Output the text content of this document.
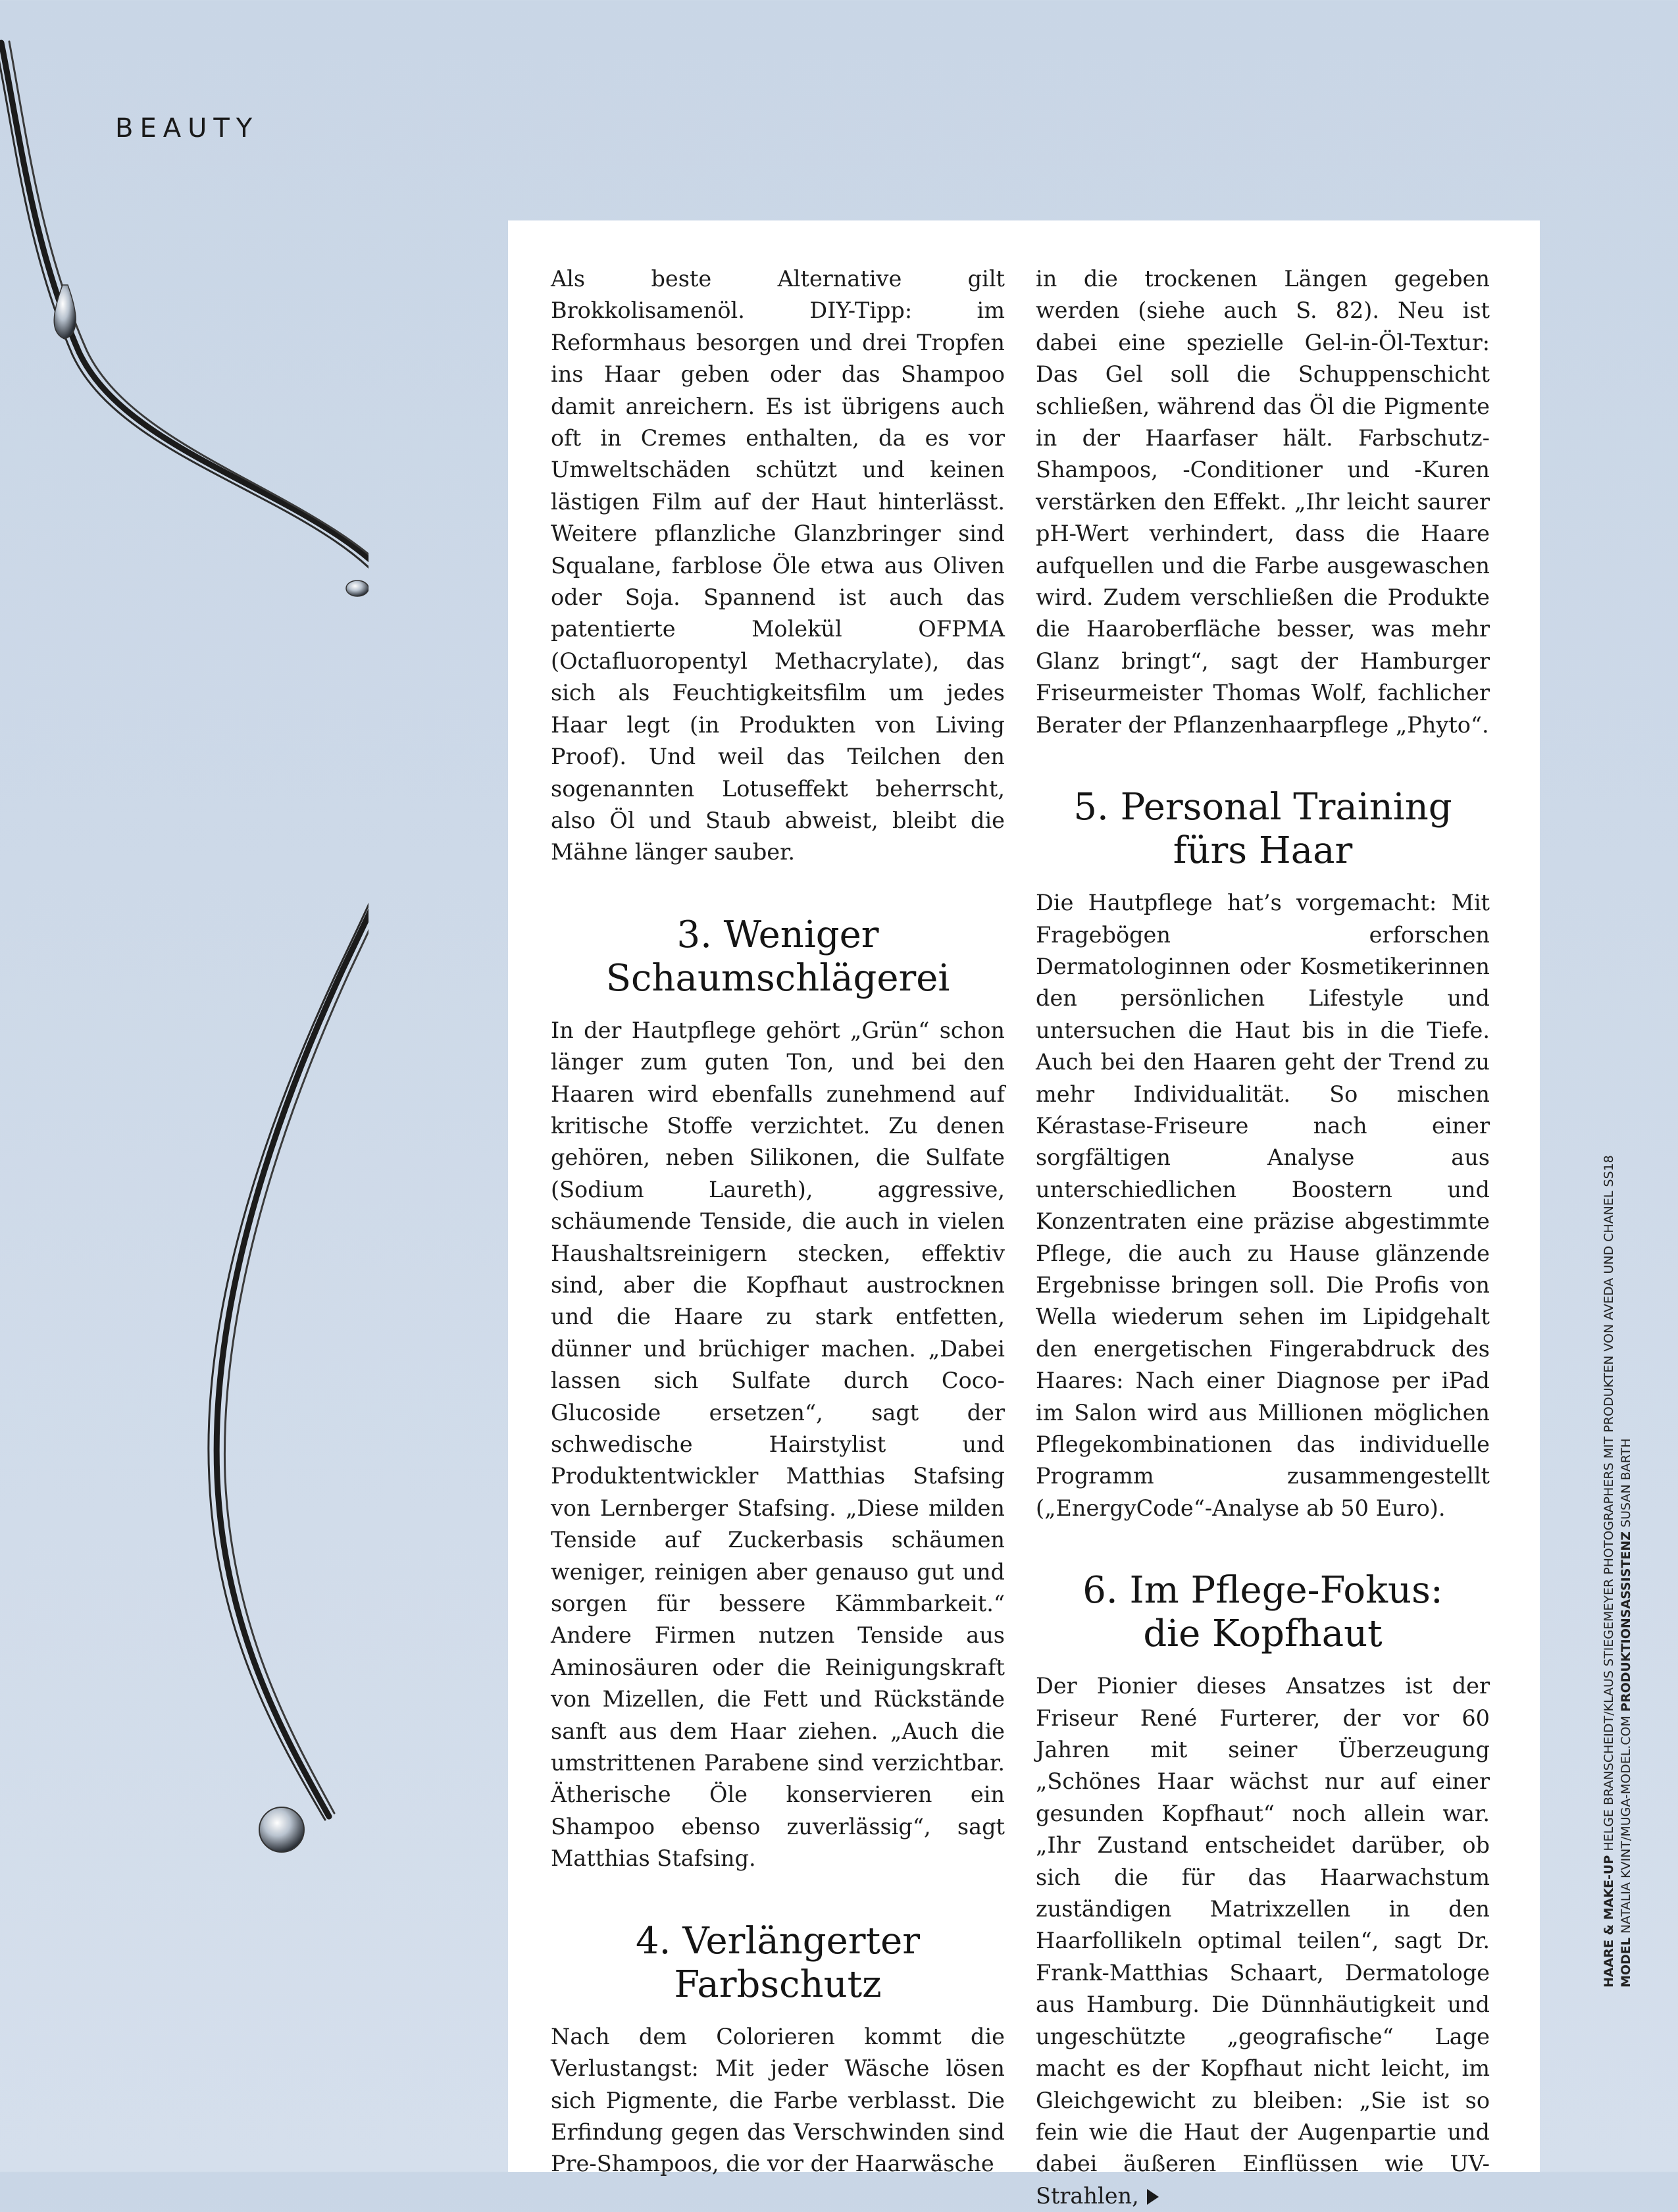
BEAUTY

Als beste Alternative gilt Brokkolisamenöl. DIY-Tipp: im Reformhaus besorgen und drei Tropfen ins Haar geben oder das Shampoo damit anreichern. Es ist übrigens auch oft in Cremes enthalten, da es vor Umweltschäden schützt und keinen lästigen Film auf der Haut hinterlässt. Weitere pflanzliche Glanzbringer sind Squalane, farblose Öle etwa aus Oliven oder Soja. Spannend ist auch das patentierte Molekül OFPMA (Octafluoropentyl Methacrylate), das sich als Feuchtigkeitsfilm um jedes Haar legt (in Produkten von Living Proof). Und weil das Teilchen den sogenannten Lotuseffekt beherrscht, also Öl und Staub abweist, bleibt die Mähne länger sauber.

3. Weniger
Schaumschlägerei

In der Hautpflege gehört „Grün“ schon länger zum guten Ton, und bei den Haaren wird ebenfalls zunehmend auf kritische Stoffe verzichtet. Zu denen gehören, neben Silikonen, die Sulfate (Sodium Laureth), aggressive, schäumende Tenside, die auch in vielen Haushaltsreinigern stecken, effektiv sind, aber die Kopfhaut austrocknen und die Haare zu stark entfetten, dünner und brüchiger machen. „Dabei lassen sich Sulfate durch Coco-Glucoside ersetzen“, sagt der schwedische Hairstylist und Produktentwickler Matthias Stafsing von Lernberger Stafsing. „Diese milden Tenside auf Zuckerbasis schäumen weniger, reinigen aber genauso gut und sorgen für bessere Kämmbarkeit.“ Andere Firmen nutzen Tenside aus Aminosäuren oder die Reinigungskraft von Mizellen, die Fett und Rückstände sanft aus dem Haar ziehen. „Auch die umstrittenen Parabene sind verzichtbar. Ätherische Öle konservieren ein Shampoo ebenso zuverlässig“, sagt Matthias Stafsing.

4. Verlängerter
Farbschutz

Nach dem Colorieren kommt die Verlustangst: Mit jeder Wäsche lösen sich Pigmente, die Farbe verblasst. Die Erfindung gegen das Verschwinden sind Pre-Shampoos, die vor der Haarwäsche

in die trockenen Längen gegeben werden (siehe auch S. 82). Neu ist dabei eine spezielle Gel-in-Öl-Textur: Das Gel soll die Schuppenschicht schließen, während das Öl die Pigmente in der Haarfaser hält. Farbschutz-Shampoos, -Conditioner und -Kuren verstärken den Effekt. „Ihr leicht saurer pH-Wert verhindert, dass die Haare aufquellen und die Farbe ausgewaschen wird. Zudem verschließen die Produkte die Haaroberfläche besser, was mehr Glanz bringt“, sagt der Hamburger Friseurmeister Thomas Wolf, fachlicher Berater der Pflanzenhaarpflege „Phyto“.

5. Personal Training
fürs Haar

Die Hautpflege hat’s vorgemacht: Mit Fragebögen erforschen Dermatologinnen oder Kosmetikerinnen den persönlichen Lifestyle und untersuchen die Haut bis in die Tiefe. Auch bei den Haaren geht der Trend zu mehr Individualität. So mischen Kérastase-Friseure nach einer sorgfältigen Analyse aus unterschiedlichen Boostern und Konzentraten eine präzise abgestimmte Pflege, die auch zu Hause glänzende Ergebnisse bringen soll. Die Profis von Wella wiederum sehen im Lipidgehalt den energetischen Fingerabdruck des Haares: Nach einer Diagnose per iPad im Salon wird aus Millionen möglichen Pflegekombinationen das individuelle Programm zusammengestellt („EnergyCode“-Analyse ab 50 Euro).

6. Im Pflege-Fokus:
die Kopfhaut

Der Pionier dieses Ansatzes ist der Friseur René Furterer, der vor 60 Jahren mit seiner Überzeugung „Schönes Haar wächst nur auf einer gesunden Kopfhaut“ noch allein war. „Ihr Zustand entscheidet darüber, ob sich die für das Haarwachstum zuständigen Matrixzellen in den Haarfollikeln optimal teilen“, sagt Dr. Frank-Matthias Schaart, Dermatologe aus Hamburg. Die Dünnhäutigkeit und ungeschützte „geografische“ Lage macht es der Kopfhaut nicht leicht, im Gleichgewicht zu bleiben: „Sie ist so fein wie die Haut der Augenpartie und dabei äußeren Einflüssen wie UV-Strahlen,

HAARE & MAKE-UP HELGE BRANSCHEIDT/KLAUS STIEGEMEYER PHOTOGRAPHERS MIT PRODUKTEN VON AVEDA UND CHANEL SS18
MODEL NATALIA KVINT/MUGA-MODEL.COM PRODUKTIONSASSISTENZ SUSAN BARTH
